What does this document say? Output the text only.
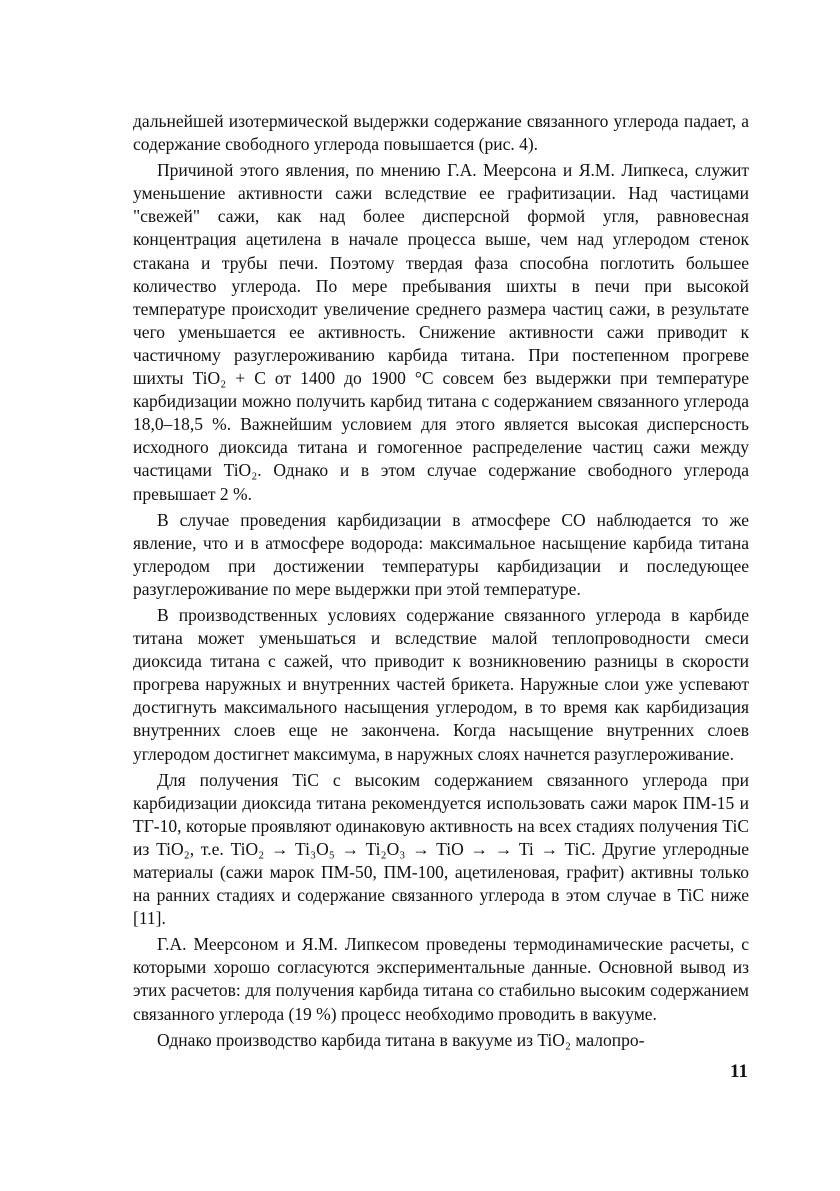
дальнейшей изотермической выдержки содержание связанного углерода падает, а содержание свободного углерода повышается (рис. 4).

Причиной этого явления, по мнению Г.А. Меерсона и Я.М. Липкеса, служит уменьшение активности сажи вследствие ее графитизации. Над частицами "свежей" сажи, как над более дисперсной формой угля, равновесная концентрация ацетилена в начале процесса выше, чем над углеродом стенок стакана и трубы печи. Поэтому твердая фаза способна поглотить большее количество углерода. По мере пребывания шихты в печи при высокой температуре происходит увеличение среднего размера частиц сажи, в результате чего уменьшается ее активность. Снижение активности сажи приводит к частичному разуглероживанию карбида титана. При постепенном прогреве шихты TiO₂ + C от 1400 до 1900 °С совсем без выдержки при температуре карбидизации можно получить карбид титана с содержанием связанного углерода 18,0–18,5 %. Важнейшим условием для этого является высокая дисперсность исходного диоксида титана и гомогенное распределение частиц сажи между частицами TiO₂. Однако и в этом случае содержание свободного углерода превышает 2 %.

В случае проведения карбидизации в атмосфере СО наблюдается то же явление, что и в атмосфере водорода: максимальное насыщение карбида титана углеродом при достижении температуры карбидизации и последующее разуглероживание по мере выдержки при этой температуре.

В производственных условиях содержание связанного углерода в карбиде титана может уменьшаться и вследствие малой теплопроводности смеси диоксида титана с сажей, что приводит к возникновению разницы в скорости прогрева наружных и внутренних частей брикета. Наружные слои уже успевают достигнуть максимального насыщения углеродом, в то время как карбидизация внутренних слоев еще не закончена. Когда насыщение внутренних слоев углеродом достигнет максимума, в наружных слоях начнется разуглероживание.

Для получения TiC с высоким содержанием связанного углерода при карбидизации диоксида титана рекомендуется использовать сажи марок ПМ-15 и ТГ-10, которые проявляют одинаковую активность на всех стадиях получения TiC из TiO₂, т.е. TiO₂ → Ti₃O₅ → Ti₂O₃ → TiO → → Ti → TiC. Другие углеродные материалы (сажи марок ПМ-50, ПМ-100, ацетиленовая, графит) активны только на ранних стадиях и содержание связанного углерода в этом случае в TiC ниже [11].

Г.А. Меерсоном и Я.М. Липкесом проведены термодинамические расчеты, с которыми хорошо согласуются экспериментальные данные. Основной вывод из этих расчетов: для получения карбида титана со стабильно высоким содержанием связанного углерода (19 %) процесс необходимо проводить в вакууме.

Однако производство карбида титана в вакууме из TiO₂ малопро-

11
